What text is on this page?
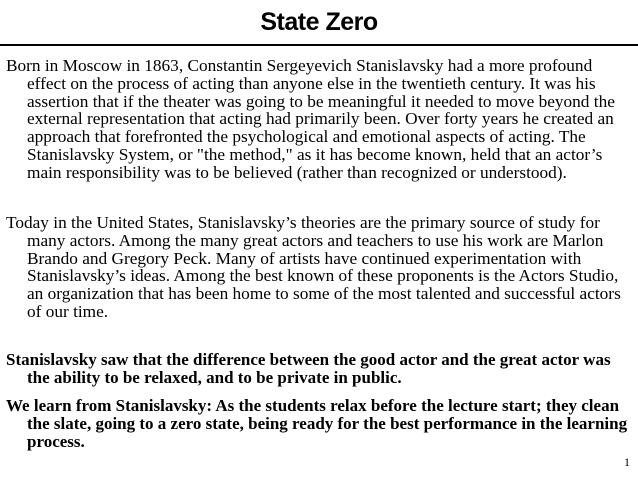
State Zero

Born in Moscow in 1863, Constantin Sergeyevich Stanislavsky had a more profound effect on the process of acting than anyone else in the twentieth century. It was his assertion that if the theater was going to be meaningful it needed to move beyond the external representation that acting had primarily been. Over forty years he created an approach that forefronted the psychological and emotional aspects of acting. The Stanislavsky System, or "the method," as it has become known, held that an actor’s main responsibility was to be believed (rather than recognized or understood).

Today in the United States, Stanislavsky’s theories are the primary source of study for many actors. Among the many great actors and teachers to use his work are Marlon Brando and Gregory Peck. Many of artists have continued experimentation with Stanislavsky’s ideas. Among the best known of these proponents is the Actors Studio, an organization that has been home to some of the most talented and successful actors of our time.

Stanislavsky saw that the difference between the good actor and the great actor was the ability to be relaxed, and to be private in public.

We learn from Stanislavsky: As the students relax before the lecture start; they clean the slate, going to a zero state, being ready for the best performance in the learning process.

1
